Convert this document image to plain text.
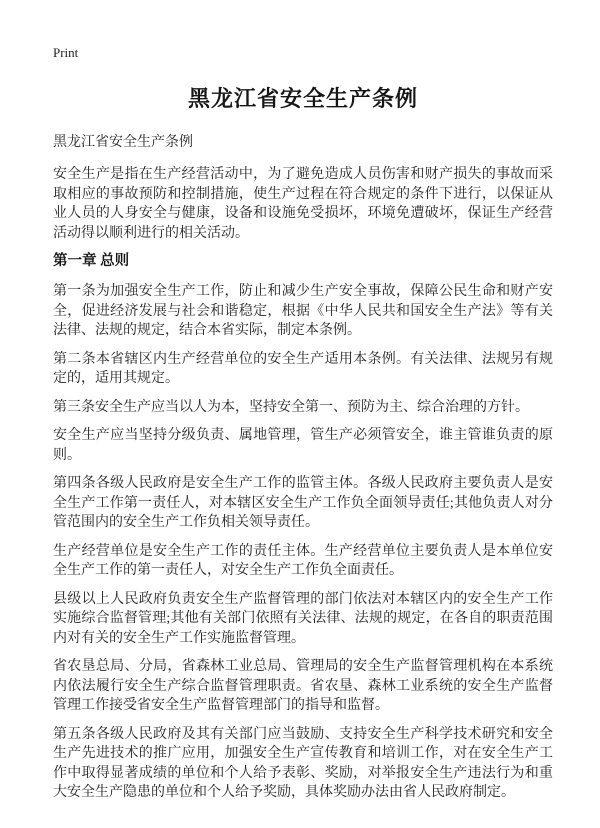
Print
黑龙江省安全生产条例
黑龙江省安全生产条例

安全生产是指在生产经营活动中，为了避免造成人员伤害和财产损失的事故而采取相应的事故预防和控制措施，使生产过程在符合规定的条件下进行，以保证从业人员的人身安全与健康，设备和设施免受损坏，环境免遭破坏，保证生产经营活动得以顺利进行的相关活动。

第一章 总则

第一条为加强安全生产工作，防止和减少生产安全事故，保障公民生命和财产安全，促进经济发展与社会和谐稳定，根据《中华人民共和国安全生产法》等有关法律、法规的规定，结合本省实际，制定本条例。

第二条本省辖区内生产经营单位的安全生产适用本条例。有关法律、法规另有规定的，适用其规定。

第三条安全生产应当以人为本，坚持安全第一、预防为主、综合治理的方针。

安全生产应当坚持分级负责、属地管理，管生产必须管安全，谁主管谁负责的原则。

第四条各级人民政府是安全生产工作的监管主体。各级人民政府主要负责人是安全生产工作第一责任人，对本辖区安全生产工作负全面领导责任;其他负责人对分管范围内的安全生产工作负相关领导责任。

生产经营单位是安全生产工作的责任主体。生产经营单位主要负责人是本单位安全生产工作的第一责任人，对安全生产工作负全面责任。

县级以上人民政府负责安全生产监督管理的部门依法对本辖区内的安全生产工作实施综合监督管理;其他有关部门依照有关法律、法规的规定，在各自的职责范围内对有关的安全生产工作实施监督管理。

省农垦总局、分局，省森林工业总局、管理局的安全生产监督管理机构在本系统内依法履行安全生产综合监督管理职责。省农垦、森林工业系统的安全生产监督管理工作接受省安全生产监督管理部门的指导和监督。

第五条各级人民政府及其有关部门应当鼓励、支持安全生产科学技术研究和安全生产先进技术的推广应用，加强安全生产宣传教育和培训工作，对在安全生产工作中取得显著成绩的单位和个人给予表彰、奖励，对举报安全生产违法行为和重大安全生产隐患的单位和个人给予奖励，具体奖励办法由省人民政府制定。
